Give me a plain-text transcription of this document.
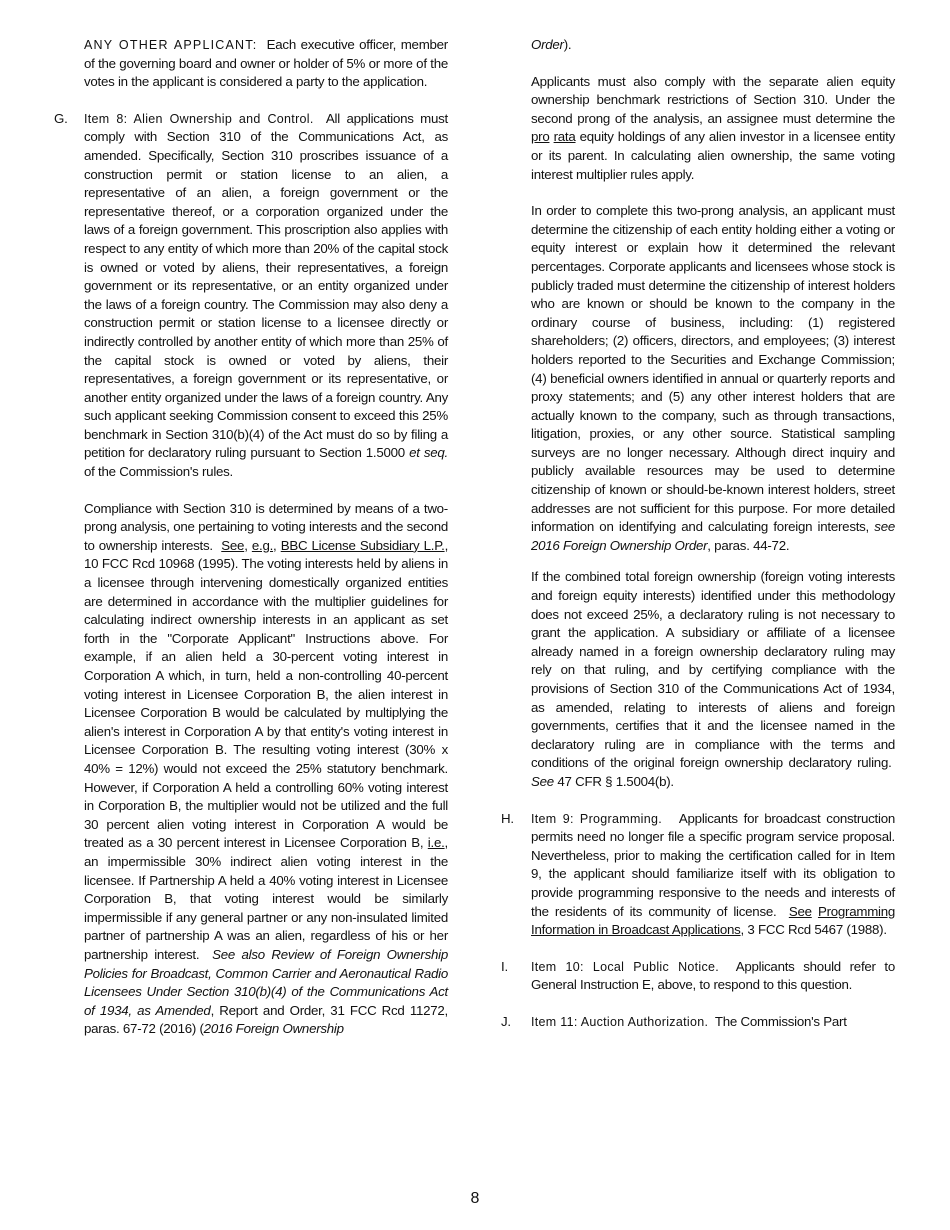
ANY OTHER APPLICANT: Each executive officer, member of the governing board and owner or holder of 5% or more of the votes in the applicant is considered a party to the application.

G. Item 8: Alien Ownership and Control. All applications must comply with Section 310 of the Communications Act, as amended. Specifically, Section 310 proscribes issuance of a construction permit or station license to an alien, a representative of an alien, a foreign government or the representative thereof, or a corporation organized under the laws of a foreign government. This proscription also applies with respect to any entity of which more than 20% of the capital stock is owned or voted by aliens, their representatives, a foreign government or its representative, or an entity organized under the laws of a foreign country. The Commission may also deny a construction permit or station license to a licensee directly or indirectly controlled by another entity of which more than 25% of the capital stock is owned or voted by aliens, their representatives, a foreign government or its representative, or another entity organized under the laws of a foreign country. Any such applicant seeking Commission consent to exceed this 25% benchmark in Section 310(b)(4) of the Act must do so by filing a petition for declaratory ruling pursuant to Section 1.5000 et seq. of the Commission's rules.

Compliance with Section 310 is determined by means of a two-prong analysis, one pertaining to voting interests and the second to ownership interests. See, e.g., BBC License Subsidiary L.P., 10 FCC Rcd 10968 (1995). The voting interests held by aliens in a licensee through intervening domestically organized entities are determined in accordance with the multiplier guidelines for calculating indirect ownership interests in an applicant as set forth in the "Corporate Applicant" Instructions above. For example, if an alien held a 30-percent voting interest in Corporation A which, in turn, held a non-controlling 40-percent voting interest in Licensee Corporation B, the alien interest in Licensee Corporation B would be calculated by multiplying the alien's interest in Corporation A by that entity's voting interest in Licensee Corporation B. The resulting voting interest (30% x 40% = 12%) would not exceed the 25% statutory benchmark. However, if Corporation A held a controlling 60% voting interest in Corporation B, the multiplier would not be utilized and the full 30 percent alien voting interest in Corporation A would be treated as a 30 percent interest in Licensee Corporation B, i.e., an impermissible 30% indirect alien voting interest in the licensee. If Partnership A held a 40% voting interest in Licensee Corporation B, that voting interest would be similarly impermissible if any general partner or any non-insulated limited partner of partnership A was an alien, regardless of his or her partnership interest. See also Review of Foreign Ownership Policies for Broadcast, Common Carrier and Aeronautical Radio Licensees Under Section 310(b)(4) of the Communications Act of 1934, as Amended, Report and Order, 31 FCC Rcd 11272, paras. 67-72 (2016) (2016 Foreign Ownership

Order).

Applicants must also comply with the separate alien equity ownership benchmark restrictions of Section 310. Under the second prong of the analysis, an assignee must determine the pro rata equity holdings of any alien investor in a licensee entity or its parent. In calculating alien ownership, the same voting interest multiplier rules apply.

In order to complete this two-prong analysis, an applicant must determine the citizenship of each entity holding either a voting or equity interest or explain how it determined the relevant percentages. Corporate applicants and licensees whose stock is publicly traded must determine the citizenship of interest holders who are known or should be known to the company in the ordinary course of business, including: (1) registered shareholders; (2) officers, directors, and employees; (3) interest holders reported to the Securities and Exchange Commission; (4) beneficial owners identified in annual or quarterly reports and proxy statements; and (5) any other interest holders that are actually known to the company, such as through transactions, litigation, proxies, or any other source. Statistical sampling surveys are no longer necessary. Although direct inquiry and publicly available resources may be used to determine citizenship of known or should-be-known interest holders, street addresses are not sufficient for this purpose. For more detailed information on identifying and calculating foreign interests, see 2016 Foreign Ownership Order, paras. 44-72.

If the combined total foreign ownership (foreign voting interests and foreign equity interests) identified under this methodology does not exceed 25%, a declaratory ruling is not necessary to grant the application. A subsidiary or affiliate of a licensee already named in a foreign ownership declaratory ruling may rely on that ruling, and by certifying compliance with the provisions of Section 310 of the Communications Act of 1934, as amended, relating to interests of aliens and foreign governments, certifies that it and the licensee named in the declaratory ruling are in compliance with the terms and conditions of the original foreign ownership declaratory ruling.  See 47 CFR § 1.5004(b).

H. Item 9: Programming. Applicants for broadcast construction permits need no longer file a specific program service proposal. Nevertheless, prior to making the certification called for in Item 9, the applicant should familiarize itself with its obligation to provide programming responsive to the needs and interests of the residents of its community of license. See Programming Information in Broadcast Applications, 3 FCC Rcd 5467 (1988).

I. Item 10: Local Public Notice. Applicants should refer to General Instruction E, above, to respond to this question.

J. Item 11: Auction Authorization. The Commission's Part

8
